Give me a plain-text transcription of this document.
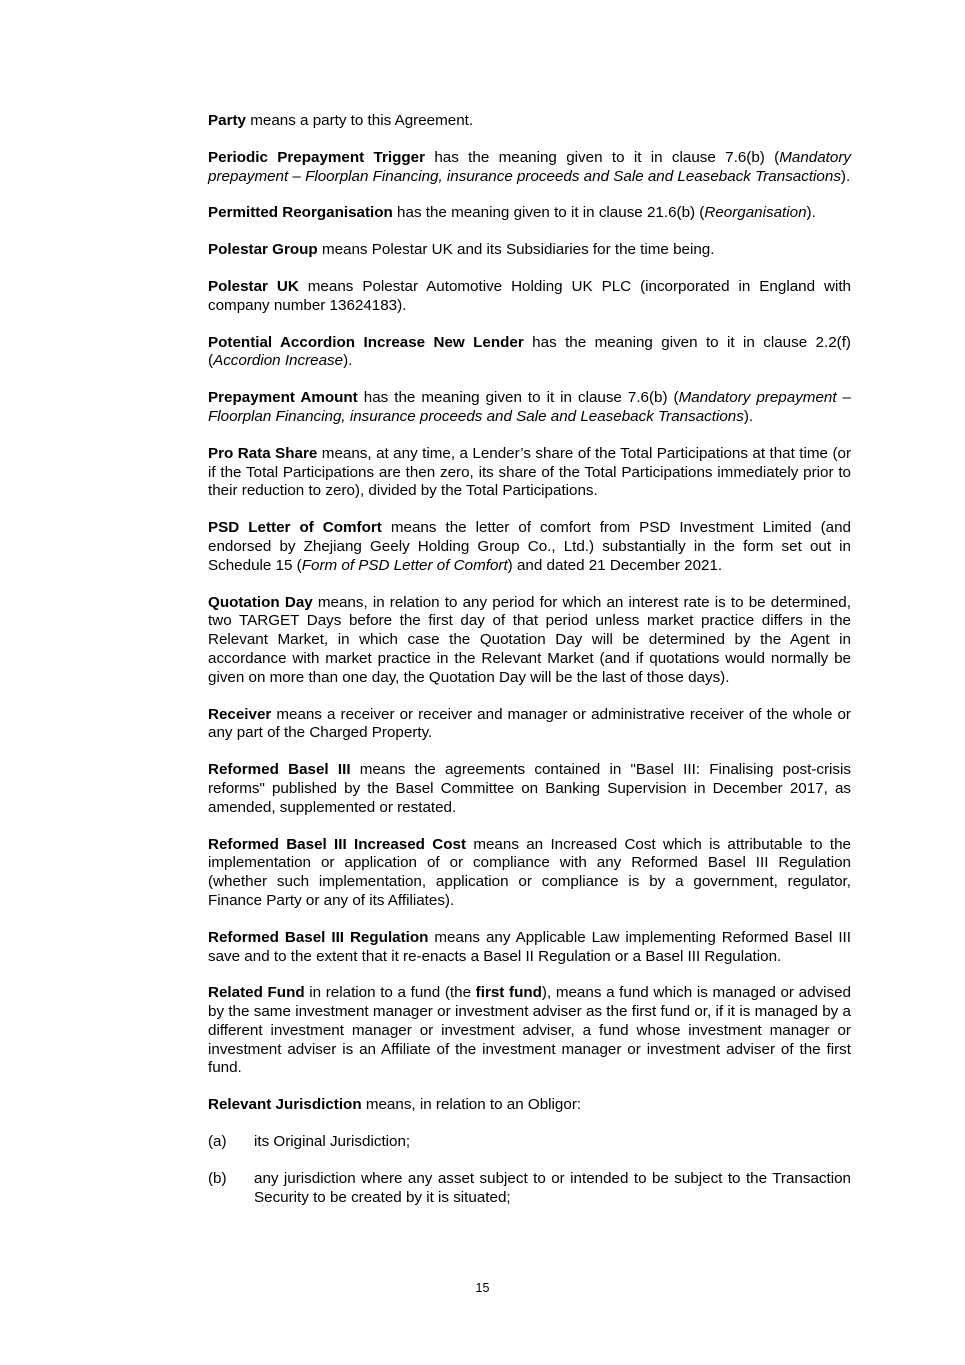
Party means a party to this Agreement.

Periodic Prepayment Trigger has the meaning given to it in clause 7.6(b) (Mandatory prepayment – Floorplan Financing, insurance proceeds and Sale and Leaseback Transactions).

Permitted Reorganisation has the meaning given to it in clause 21.6(b) (Reorganisation).

Polestar Group means Polestar UK and its Subsidiaries for the time being.

Polestar UK means Polestar Automotive Holding UK PLC (incorporated in England with company number 13624183).

Potential Accordion Increase New Lender has the meaning given to it in clause 2.2(f) (Accordion Increase).

Prepayment Amount has the meaning given to it in clause 7.6(b) (Mandatory prepayment – Floorplan Financing, insurance proceeds and Sale and Leaseback Transactions).

Pro Rata Share means, at any time, a Lender’s share of the Total Participations at that time (or if the Total Participations are then zero, its share of the Total Participations immediately prior to their reduction to zero), divided by the Total Participations.

PSD Letter of Comfort means the letter of comfort from PSD Investment Limited (and endorsed by Zhejiang Geely Holding Group Co., Ltd.) substantially in the form set out in Schedule 15 (Form of PSD Letter of Comfort) and dated 21 December 2021.

Quotation Day means, in relation to any period for which an interest rate is to be determined, two TARGET Days before the first day of that period unless market practice differs in the Relevant Market, in which case the Quotation Day will be determined by the Agent in accordance with market practice in the Relevant Market (and if quotations would normally be given on more than one day, the Quotation Day will be the last of those days).

Receiver means a receiver or receiver and manager or administrative receiver of the whole or any part of the Charged Property.

Reformed Basel III means the agreements contained in "Basel III: Finalising post-crisis reforms" published by the Basel Committee on Banking Supervision in December 2017, as amended, supplemented or restated.

Reformed Basel III Increased Cost means an Increased Cost which is attributable to the implementation or application of or compliance with any Reformed Basel III Regulation (whether such implementation, application or compliance is by a government, regulator, Finance Party or any of its Affiliates).

Reformed Basel III Regulation means any Applicable Law implementing Reformed Basel III save and to the extent that it re-enacts a Basel II Regulation or a Basel III Regulation.

Related Fund in relation to a fund (the first fund), means a fund which is managed or advised by the same investment manager or investment adviser as the first fund or, if it is managed by a different investment manager or investment adviser, a fund whose investment manager or investment adviser is an Affiliate of the investment manager or investment adviser of the first fund.

Relevant Jurisdiction means, in relation to an Obligor:

(a)	its Original Jurisdiction;
(b)	any jurisdiction where any asset subject to or intended to be subject to the Transaction Security to be created by it is situated;
15
